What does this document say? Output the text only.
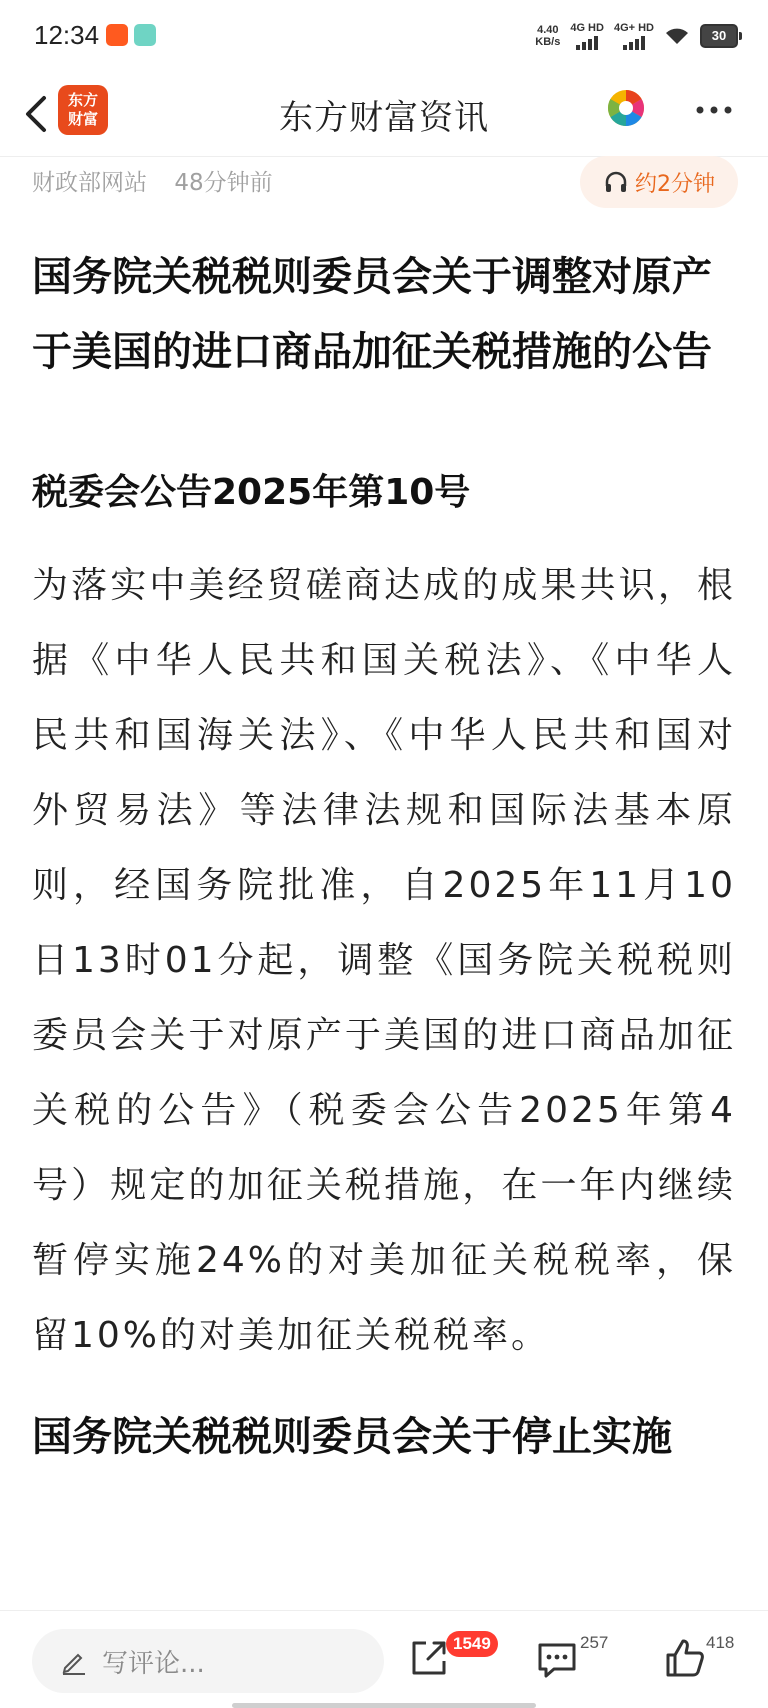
12:34	4.40
KB/s
4G HD 4G+ HD	30
东方
财富	东方财富资讯
财政部网站 48分钟前	约2分钟
国务院关税税则委员会关于调整对原产于美国的进口商品加征关税措施的公告
税委会公告2025年第10号

为落实中美经贸磋商达成的成果共识，根据《中华人民共和国关税法》、《中华人民共和国海关法》、《中华人民共和国对外贸易法》等法律法规和国际法基本原则，经国务院批准，自2025年11月10日13时01分起，调整《国务院关税税则委员会关于对原产于美国的进口商品加征关税的公告》（税委会公告2025年第4号）规定的加征关税措施，在一年内继续暂停实施24%的对美加征关税税率，保留10%的对美加征关税税率。

国务院关税税则委员会关于停止实施
写评论...
1549	257	418
